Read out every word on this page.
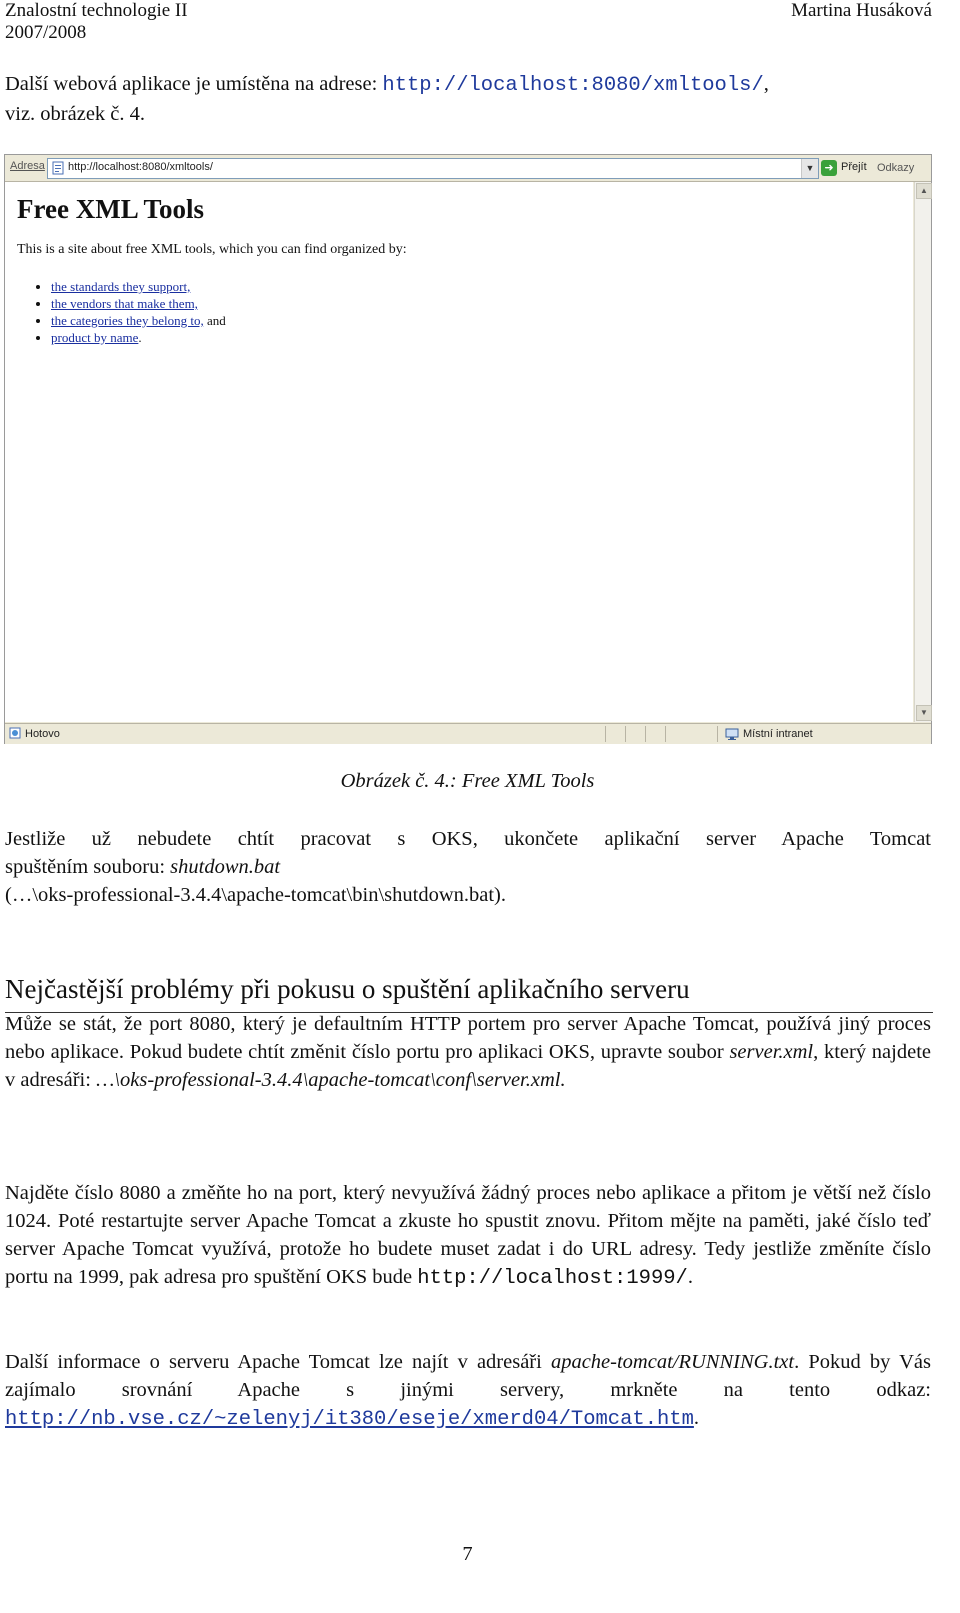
Znalostní technologie II
2007/2008
Martina Husáková
Další webová aplikace je umístěna na adrese: http://localhost:8080/xmltools/,
viz. obrázek č. 4.
Adresa http://localhost:8080/xmltools/	▼ ➜ Přejít Odkazy
Free XML Tools
This is a site about free XML tools, which you can find organized by:
• the standards they support,
• the vendors that make them,
• the categories they belong to, and
• product by name.
▲
▼
Hotovo	Místní intranet
Obrázek č. 4.: Free XML Tools
Jestliže už nebudete chtít pracovat s OKS, ukončete aplikační server Apache Tomcat
spuštěním souboru: shutdown.bat
(…\oks-professional-3.4.4\apache-tomcat\bin\shutdown.bat).
Nejčastější problémy při pokusu o spuštění aplikačního serveru
Může se stát, že port 8080, který je defaultním HTTP portem pro server Apache Tomcat, používá jiný proces nebo aplikace. Pokud budete chtít změnit číslo portu pro aplikaci OKS, upravte soubor server.xml, který najdete v adresáři: …\oks-professional-3.4.4\apache-tomcat\conf\server.xml.
Najděte číslo 8080 a změňte ho na port, který nevyužívá žádný proces nebo aplikace a přitom je větší než číslo 1024. Poté restartujte server Apache Tomcat a zkuste ho spustit znovu. Přitom mějte na paměti, jaké číslo teď server Apache Tomcat využívá, protože ho budete muset zadat i do URL adresy. Tedy jestliže změníte číslo portu na 1999, pak adresa pro spuštění OKS bude http://localhost:1999/.
Další informace o serveru Apache Tomcat lze najít v adresáři apache-tomcat/RUNNING.txt. Pokud by Vás zajímalo srovnání Apache s jinými servery, mrkněte na tento odkaz: http://nb.vse.cz/~zelenyj/it380/eseje/xmerd04/Tomcat.htm.
7
